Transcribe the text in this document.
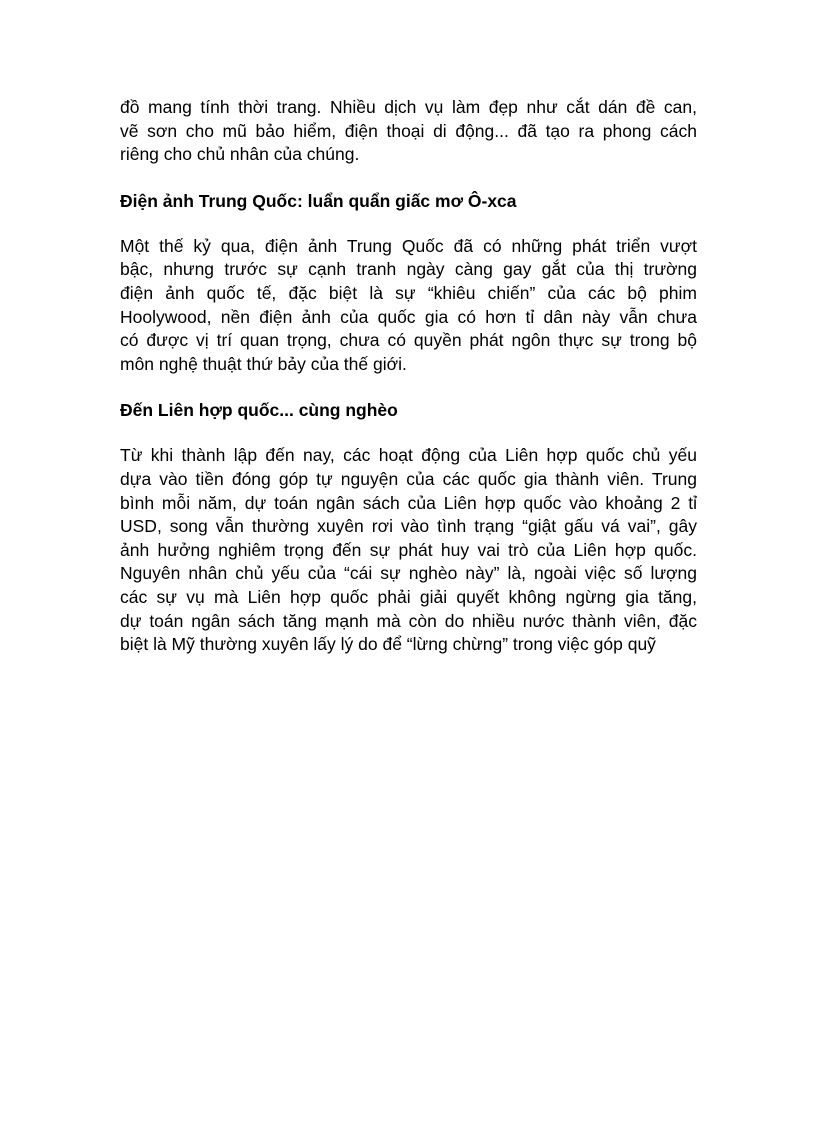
đồ mang tính thời trang. Nhiều dịch vụ làm đẹp như cắt dán đề can,
vẽ sơn cho mũ bảo hiểm, điện thoại di động... đã tạo ra phong cách
riêng cho chủ nhân của chúng.

Điện ảnh Trung Quốc: luẩn quẩn giấc mơ Ô-xca

Một thế kỷ qua, điện ảnh Trung Quốc đã có những phát triển vượt
bậc, nhưng trước sự cạnh tranh ngày càng gay gắt của thị trường
điện ảnh quốc tế, đặc biệt là sự “khiêu chiến” của các bộ phim
Hoolywood, nền điện ảnh của quốc gia có hơn tỉ dân này vẫn chưa
có được vị trí quan trọng, chưa có quyền phát ngôn thực sự trong bộ
môn nghệ thuật thứ bảy của thế giới.

Đến Liên hợp quốc... cùng nghèo

Từ khi thành lập đến nay, các hoạt động của Liên hợp quốc chủ yếu
dựa vào tiền đóng góp tự nguyện của các quốc gia thành viên. Trung
bình mỗi năm, dự toán ngân sách của Liên hợp quốc vào khoảng 2 tỉ
USD, song vẫn thường xuyên rơi vào tình trạng “giật gấu vá vai”, gây
ảnh hưởng nghiêm trọng đến sự phát huy vai trò của Liên hợp quốc.
Nguyên nhân chủ yếu của “cái sự nghèo này” là, ngoài việc số lượng
các sự vụ mà Liên hợp quốc phải giải quyết không ngừng gia tăng,
dự toán ngân sách tăng mạnh mà còn do nhiều nước thành viên, đặc
biệt là Mỹ thường xuyên lấy lý do để “lừng chừng” trong việc góp quỹ
